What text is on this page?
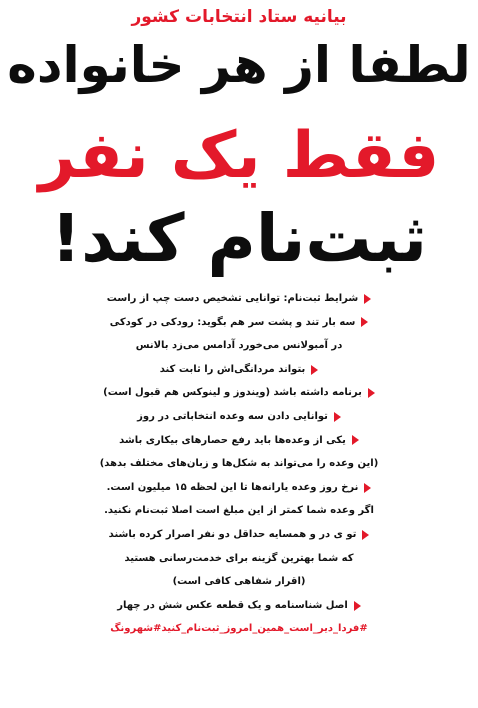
بیانیه ستاد انتخابات کشور
لطفا از هر خانواده
فقط یک نفر
ثبت‌نام کند!
شرایط ثبت‌نام: توانایی تشخیص دست چپ از راست
سه بار تند و پشت سر هم بگوید: رودکی در کودکی
در آمبولانس می‌خورد آدامس می‌زد بالانس
بتواند مردانگی‌اش را ثابت کند
برنامه داشته باشد (ویندوز و لینوکس هم قبول است)
توانایی دادن سه وعده انتخاباتی در روز
یکی از وعده‌ها باید رفع حصارهای بیکاری باشد
(این وعده را می‌تواند به شکل‌ها و زبان‌های مختلف بدهد)
نرخ روز وعده یارانه‌ها تا این لحظه ۱۵ میلیون است.
اگر وعده شما کمتر از این مبلغ است اصلا ثبت‌نام نکنید.
تو ی در و همسایه حداقل دو نفر اصرار کرده باشند
که شما بهترین گزینه برای خدمت‌رسانی هستید
(اقرار شفاهی کافی است)
اصل شناسنامه و یک قطعه عکس شش در چهار
#فردا_دیر_است_همین_امروز_ثبت‌نام_کنید
#شهرونگ
